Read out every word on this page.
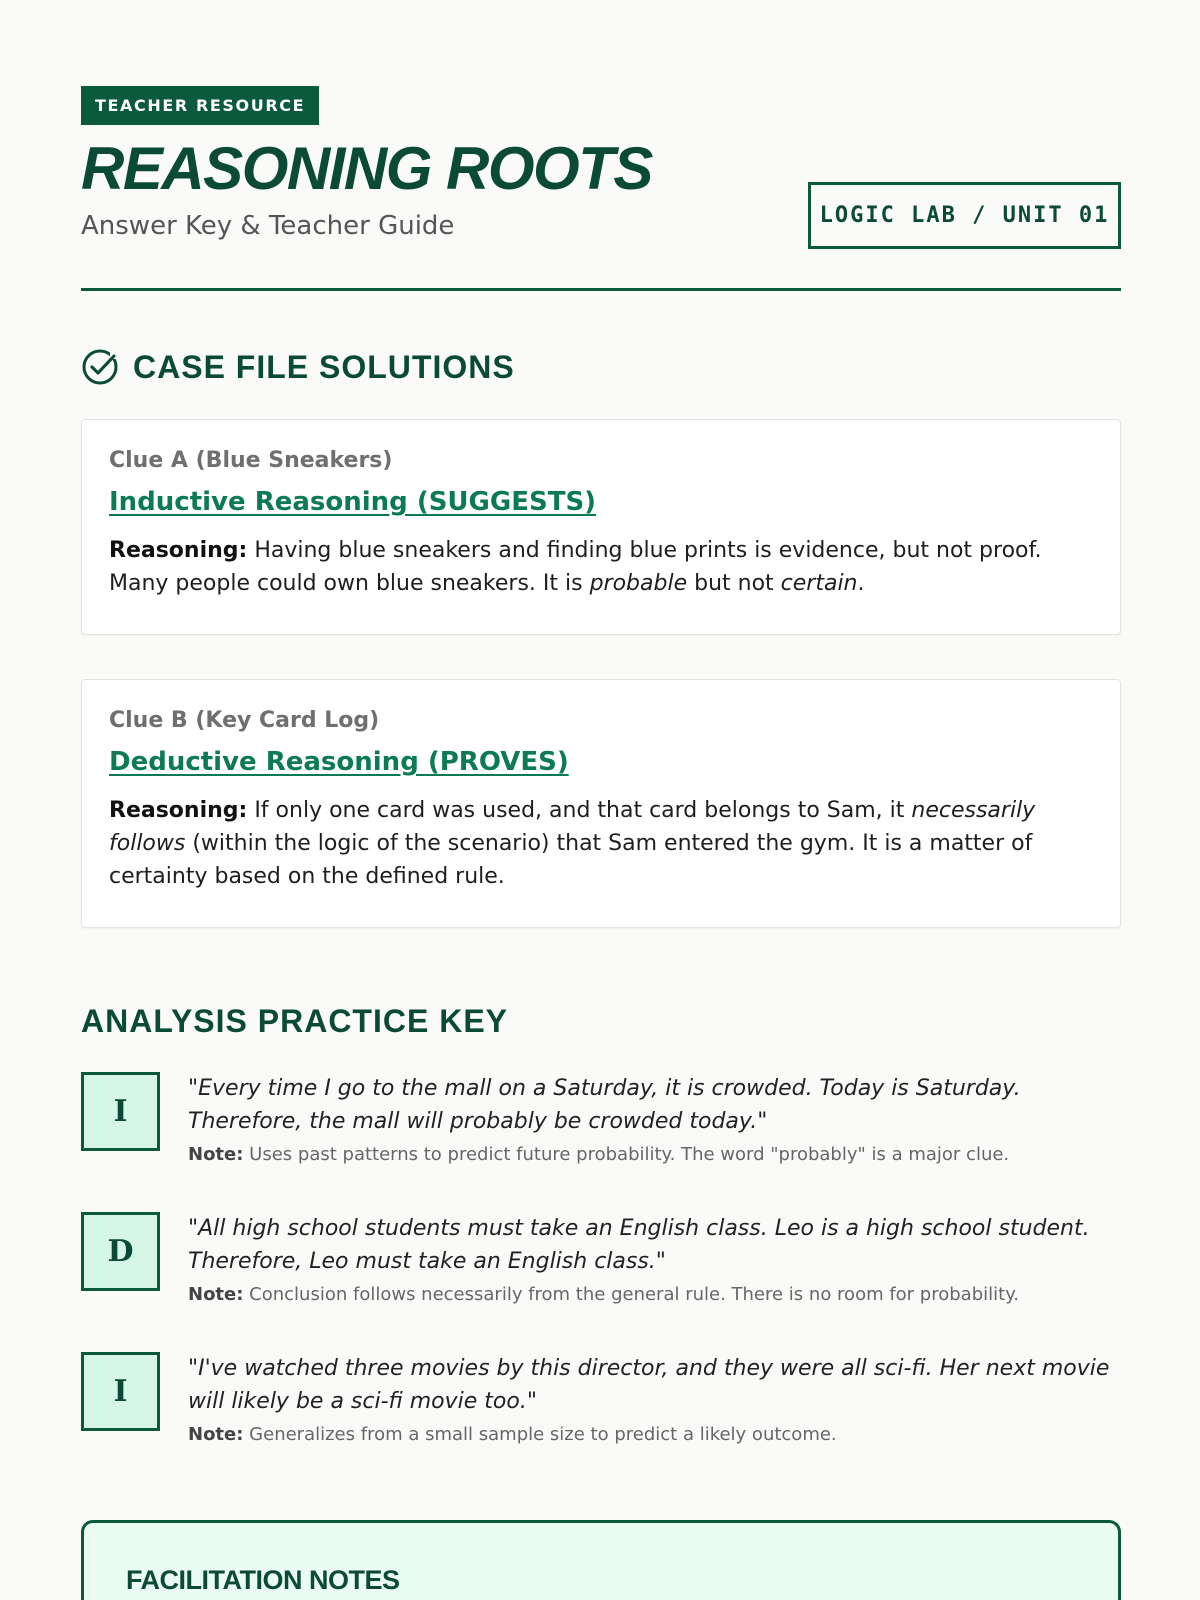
TEACHER RESOURCE
REASONING ROOTS
Answer Key & Teacher Guide	LOGIC LAB / UNIT 01
CASE FILE SOLUTIONS
Clue A (Blue Sneakers)
Inductive Reasoning (SUGGESTS)
Reasoning: Having blue sneakers and finding blue prints is evidence, but not proof. Many people could own blue sneakers. It is probable but not certain.
Clue B (Key Card Log)
Deductive Reasoning (PROVES)
Reasoning: If only one card was used, and that card belongs to Sam, it necessarily follows (within the logic of the scenario) that Sam entered the gym. It is a matter of certainty based on the defined rule.
ANALYSIS PRACTICE KEY
I
"Every time I go to the mall on a Saturday, it is crowded. Today is Saturday. Therefore, the mall will probably be crowded today."
Note: Uses past patterns to predict future probability. The word "probably" is a major clue.
D
"All high school students must take an English class. Leo is a high school student. Therefore, Leo must take an English class."
Note: Conclusion follows necessarily from the general rule. There is no room for probability.
I
"I've watched three movies by this director, and they were all sci-fi. Her next movie will likely be a sci-fi movie too."
Note: Generalizes from a small sample size to predict a likely outcome.
FACILITATION NOTES
